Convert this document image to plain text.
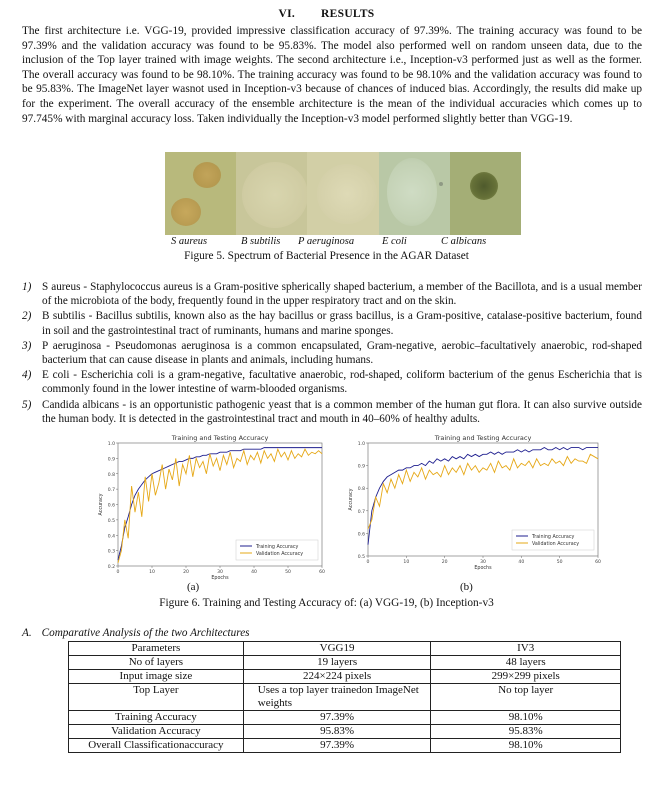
VI. RESULTS

The first architecture i.e. VGG-19, provided impressive classification accuracy of 97.39%. The training accuracy was found to be 97.39% and the validation accuracy was found to be 95.83%. The model also performed well on random unseen data, due to the inclusion of the Top layer trained with image weights. The second architecture i.e., Inception-v3 performed just as well as the former. The overall accuracy was found to be 98.10%. The training accuracy was found to be 98.10% and the validation accuracy was found to be 95.83%. The ImageNet layer wasnot used in Inception-v3 because of chances of induced bias. Accordingly, the results did make up for the experiment. The overall accuracy of the ensemble architecture is the mean of the individual accuracies which comes up to 97.745% with marginal accuracy loss. Taken individually the Inception-v3 model performed slightly better than VGG-19.

S aureus	B subtilis P aeruginosa	E coli	C albicans
Figure 5. Spectrum of Bacterial Presence in the AGAR Dataset
1) S aureus - Staphylococcus aureus is a Gram-positive spherically shaped bacterium, a member of the Bacillota, and is a usual member of the microbiota of the body, frequently found in the upper respiratory tract and on the skin.
2) B subtilis - Bacillus subtilis, known also as the hay bacillus or grass bacillus, is a Gram-positive, catalase-positive bacterium, found in soil and the gastrointestinal tract of ruminants, humans and marine sponges.
3) P aeruginosa - Pseudomonas aeruginosa is a common encapsulated, Gram-negative, aerobic–facultatively anaerobic, rod-shaped bacterium that can cause disease in plants and animals, including humans.
4) E coli - Escherichia coli is a gram-negative, facultative anaerobic, rod-shaped, coliform bacterium of the genus Escherichia that is commonly found in the lower intestine of warm-blooded organisms.
5) Candida albicans - is an opportunistic pathogenic yeast that is a common member of the human gut flora. It can also survive outside the human body. It is detected in the gastrointestinal tract and mouth in 40–60% of healthy adults.
Training and Testing Accuracy
0.2
0.3
0.4
0.5
0.6
0.7
0.8
0.9
1.0
0	10	20	30	40	50	60
Epochs
Accuracy
Training Accuracy
Validation Accuracy
Training and Testing Accuracy
0.5
0.6
0.7
0.8
0.9
1.0
0	10	20	30	40	50	60
Epochs
Accuracy
Training Accuracy
Validation Accuracy
(a)	(b)
Figure 6. Training and Testing Accuracy of: (a) VGG-19, (b) Inception-v3
A. Comparative Analysis of the two Architectures
Parameters	VGG19	IV3
No of layers	19 layers	48 layers
Input image size	224×224 pixels	299×299 pixels
Top Layer	Uses a top layer trainedon ImageNet weights	No top layer
Training Accuracy	97.39%	98.10%
Validation Accuracy	95.83%	95.83%
Overall Classificationaccuracy	97.39%	98.10%
